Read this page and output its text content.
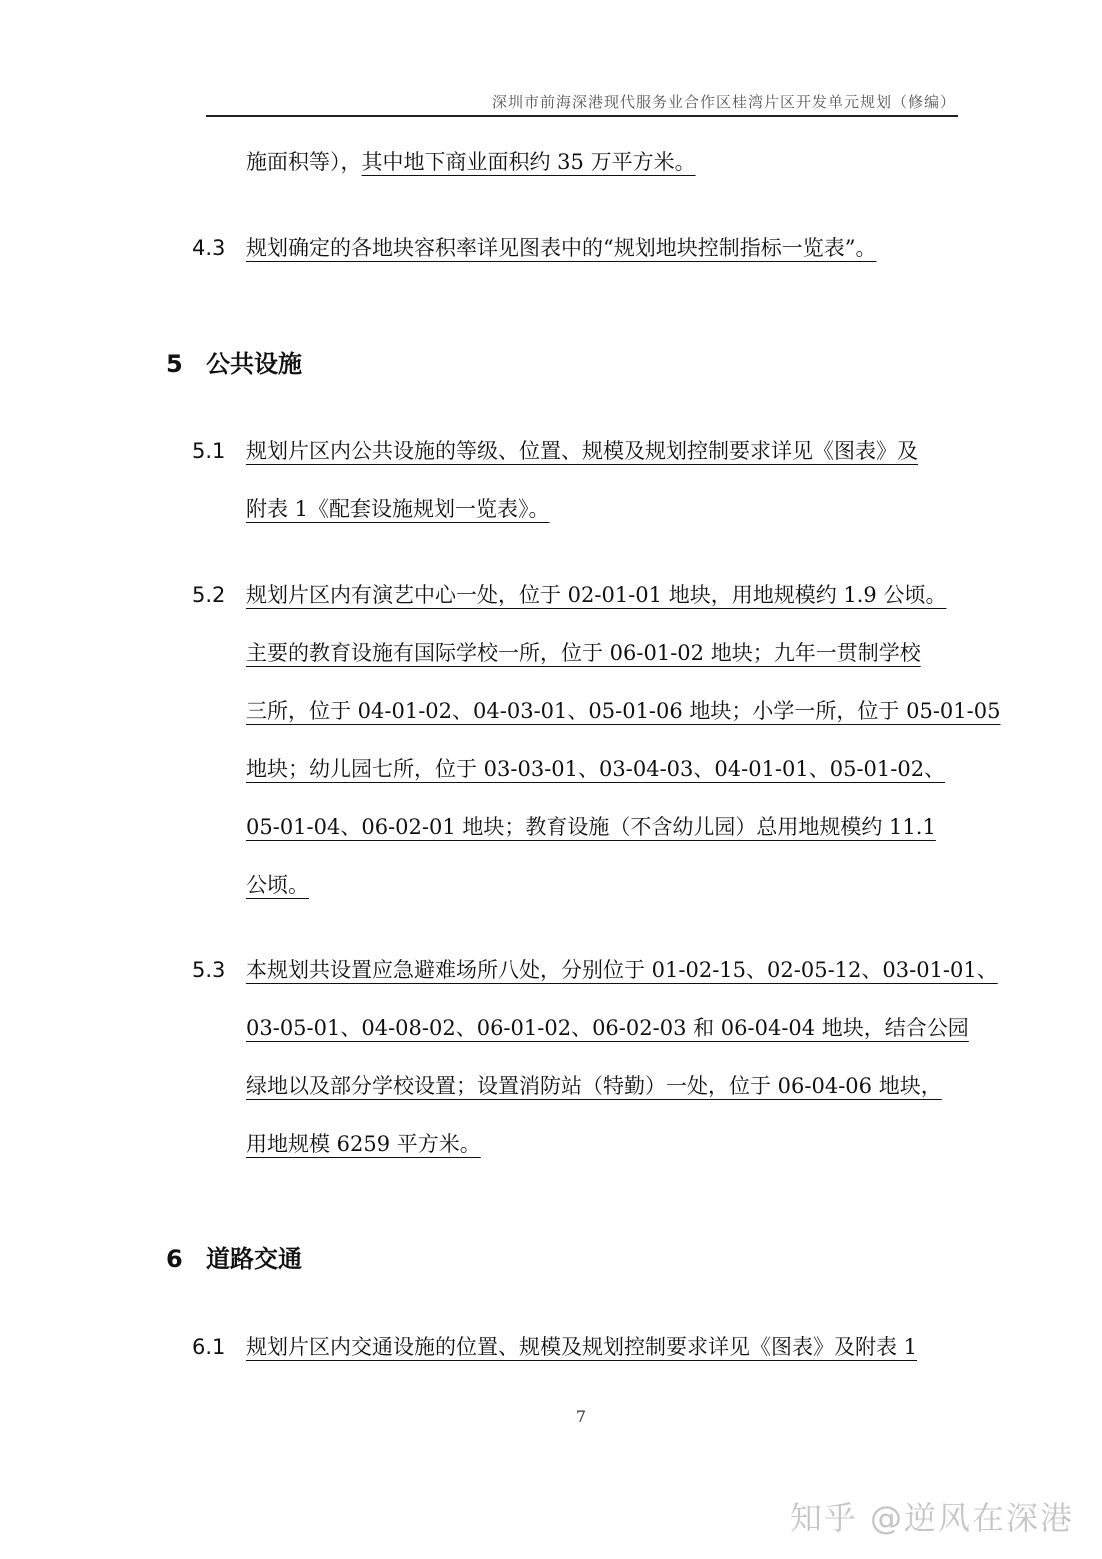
深圳市前海深港现代服务业合作区桂湾片区开发单元规划（修编）
施面积等），其中地下商业面积约 35 万平方米。
4.3 规划确定的各地块容积率详见图表中的“规划地块控制指标一览表”。
5 公共设施
5.1 规划片区内公共设施的等级、位置、规模及规划控制要求详见《图表》及
附表 1《配套设施规划一览表》。
5.2 规划片区内有演艺中心一处，位于 02-01-01 地块，用地规模约 1.9 公顷。
主要的教育设施有国际学校一所，位于 06-01-02 地块；九年一贯制学校
三所，位于 04-01-02、04-03-01、05-01-06 地块；小学一所，位于 05-01-05
地块；幼儿园七所，位于 03-03-01、03-04-03、04-01-01、05-01-02、
05-01-04、06-02-01 地块；教育设施（不含幼儿园）总用地规模约 11.1
公顷。
5.3 本规划共设置应急避难场所八处，分别位于 01-02-15、02-05-12、03-01-01、
03-05-01、04-08-02、06-01-02、06-02-03 和 06-04-04 地块，结合公园
绿地以及部分学校设置；设置消防站（特勤）一处，位于 06-04-06 地块，
用地规模 6259 平方米。
6 道路交通
6.1 规划片区内交通设施的位置、规模及规划控制要求详见《图表》及附表 1
7
知乎 @逆风在深港
